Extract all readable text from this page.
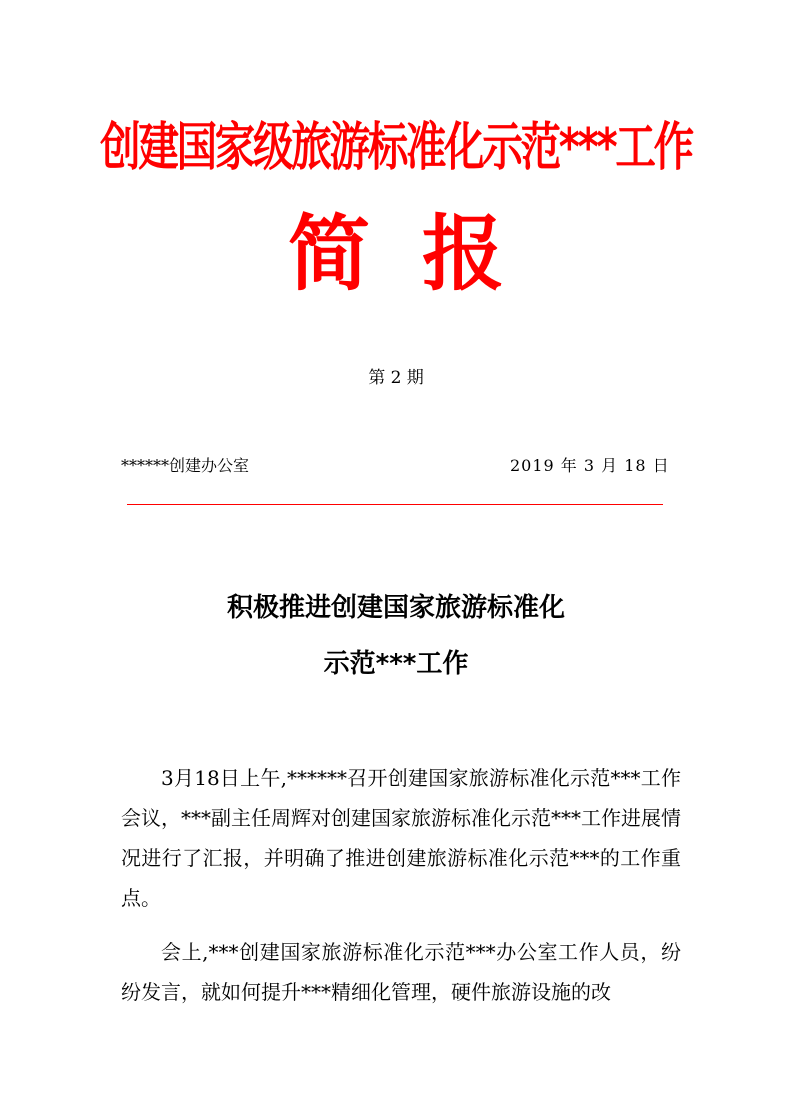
创建国家级旅游标准化示范***工作
简报
第 2 期
******创建办公室	2019 年 3 月 18 日
积极推进创建国家旅游标准化
示范***工作

3月18日上午,******召开创建国家旅游标准化示范***工作会议，***副主任周辉对创建国家旅游标准化示范***工作进展情况进行了汇报，并明确了推进创建旅游标准化示范***的工作重点。

会上,***创建国家旅游标准化示范***办公室工作人员，纷纷发言，就如何提升***精细化管理，硬件旅游设施的改
